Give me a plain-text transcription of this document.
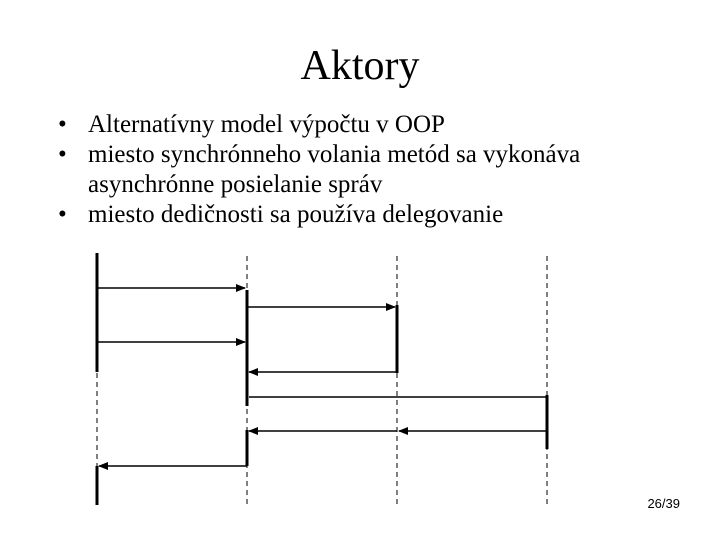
Aktory
• Alternatívny model výpočtu v OOP
• miesto synchrónneho volania metód sa vykonáva asynchrónne posielanie správ
• miesto dedičnosti sa používa delegovanie
26/39
